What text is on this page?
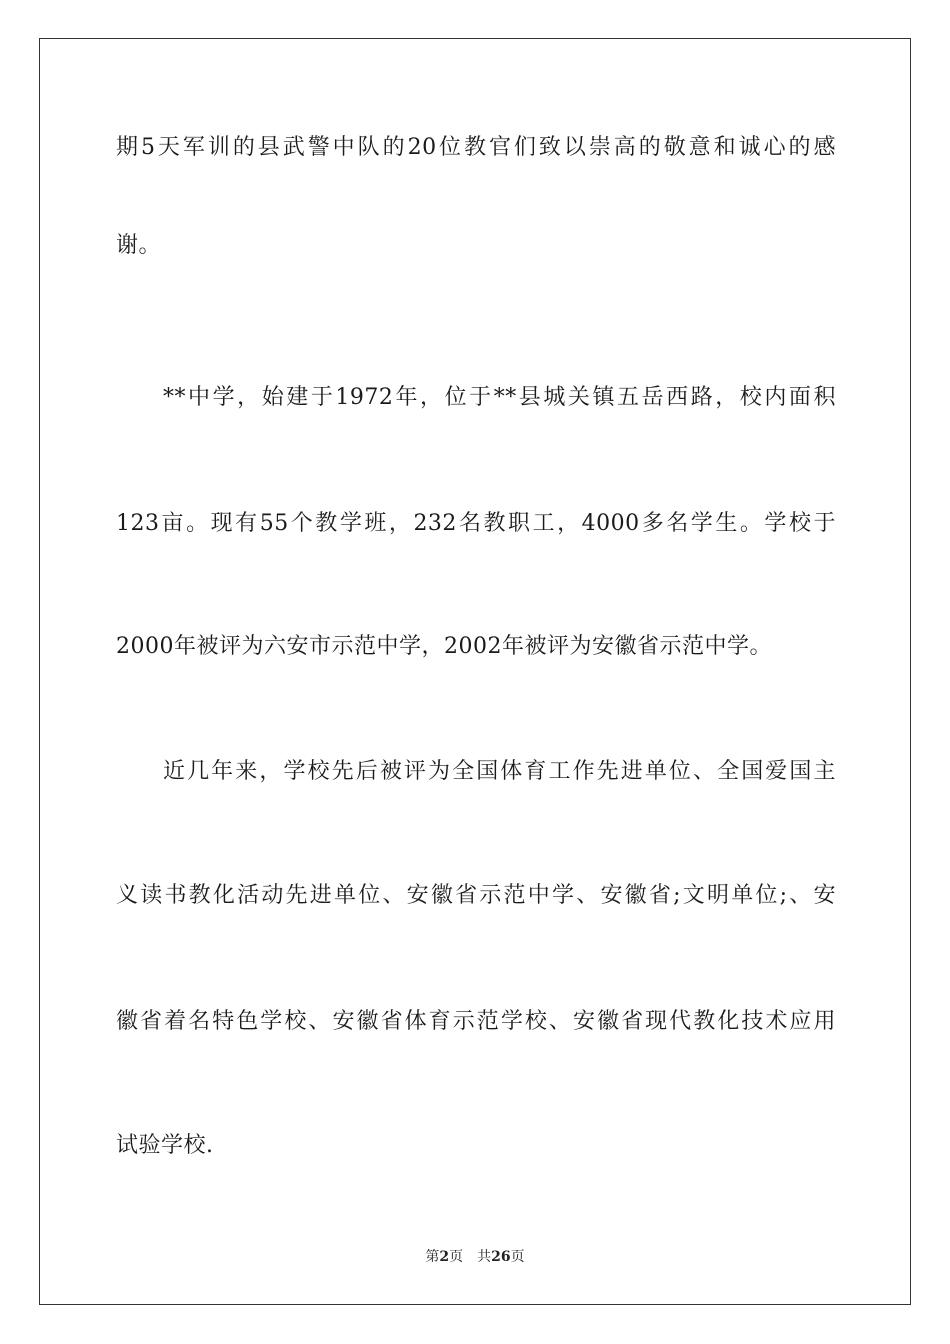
期5天军训的县武警中队的20位教官们致以崇高的敬意和诚心的感
谢。
**中学，始建于1972年，位于**县城关镇五岳西路，校内面积
123亩。现有55个教学班，232名教职工，4000多名学生。学校于
2000年被评为六安市示范中学，2002年被评为安徽省示范中学。
近几年来，学校先后被评为全国体育工作先进单位、全国爱国主
义读书教化活动先进单位、安徽省示范中学、安徽省;文明单位;、安
徽省着名特色学校、安徽省体育示范学校、安徽省现代教化技术应用
试验学校.
第2页 共26页
